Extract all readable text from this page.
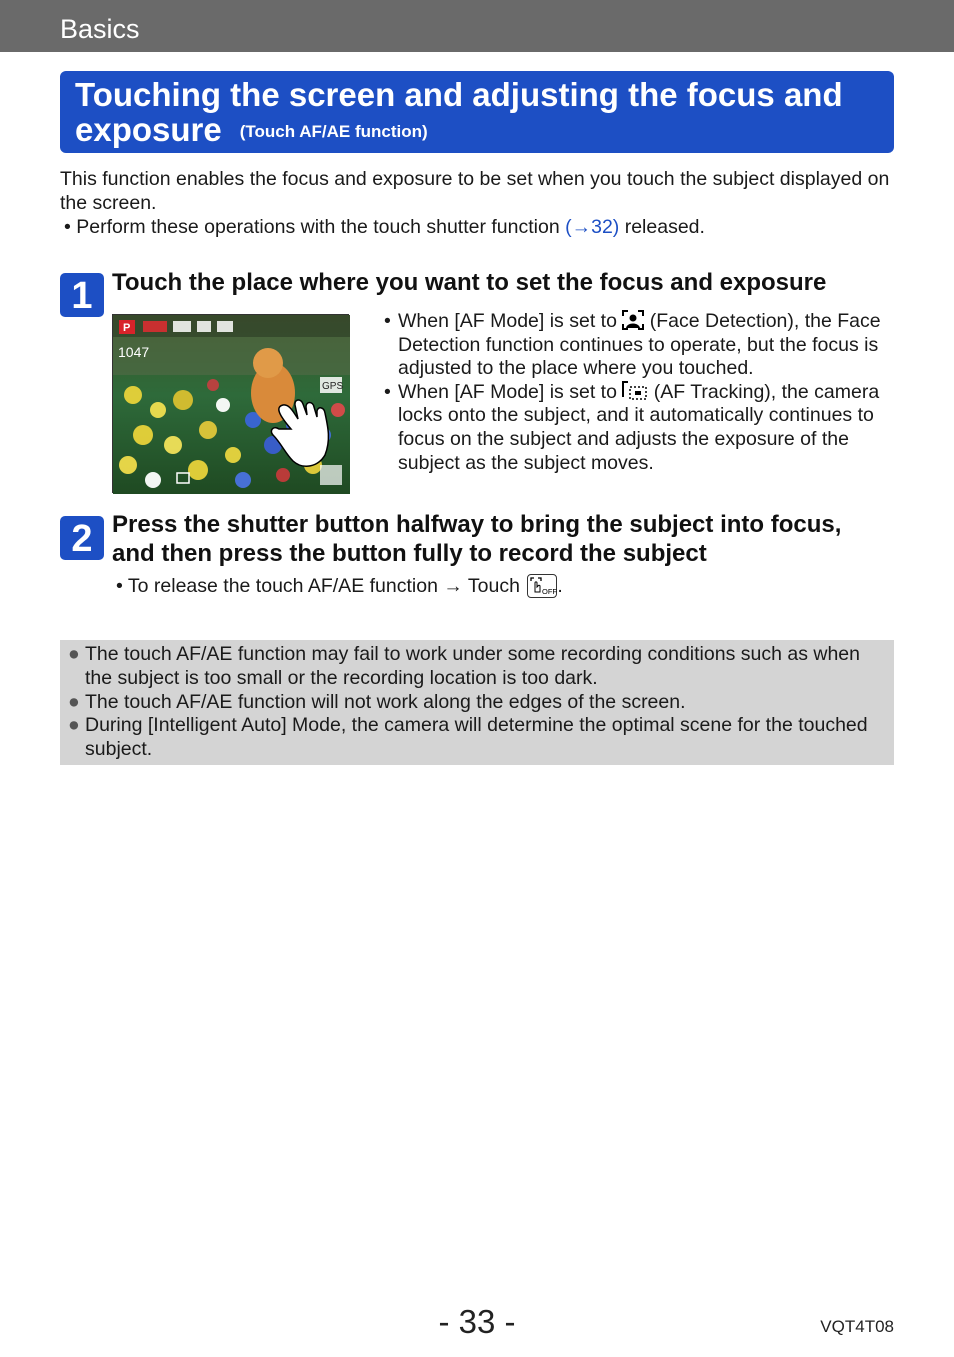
Basics
Touching the screen and adjusting the focus and
exposure (Touch AF/AE function)
This function enables the focus and exposure to be set when you touch the subject displayed on the screen.
• Perform these operations with the touch shutter function (→32) released.
1 Touch the place where you want to set the focus and exposure
P
1047
GPS
• When [AF Mode] is set to  (Face Detection), the Face Detection function continues to operate, but the focus is adjusted to the place where you touched.
• When [AF Mode] is set to  (AF Tracking), the camera locks onto the subject, and it automatically continues to focus on the subject and adjusts the exposure of the subject as the subject moves.
2 Press the shutter button halfway to bring the subject into focus, and then press the button fully to record the subject
• To release the touch AF/AE function → Touch OFF .
● The touch AF/AE function may fail to work under some recording conditions such as when the subject is too small or the recording location is too dark.
● The touch AF/AE function will not work along the edges of the screen.
● During [Intelligent Auto] Mode, the camera will determine the optimal scene for the touched subject.
- 33 -	VQT4T08
